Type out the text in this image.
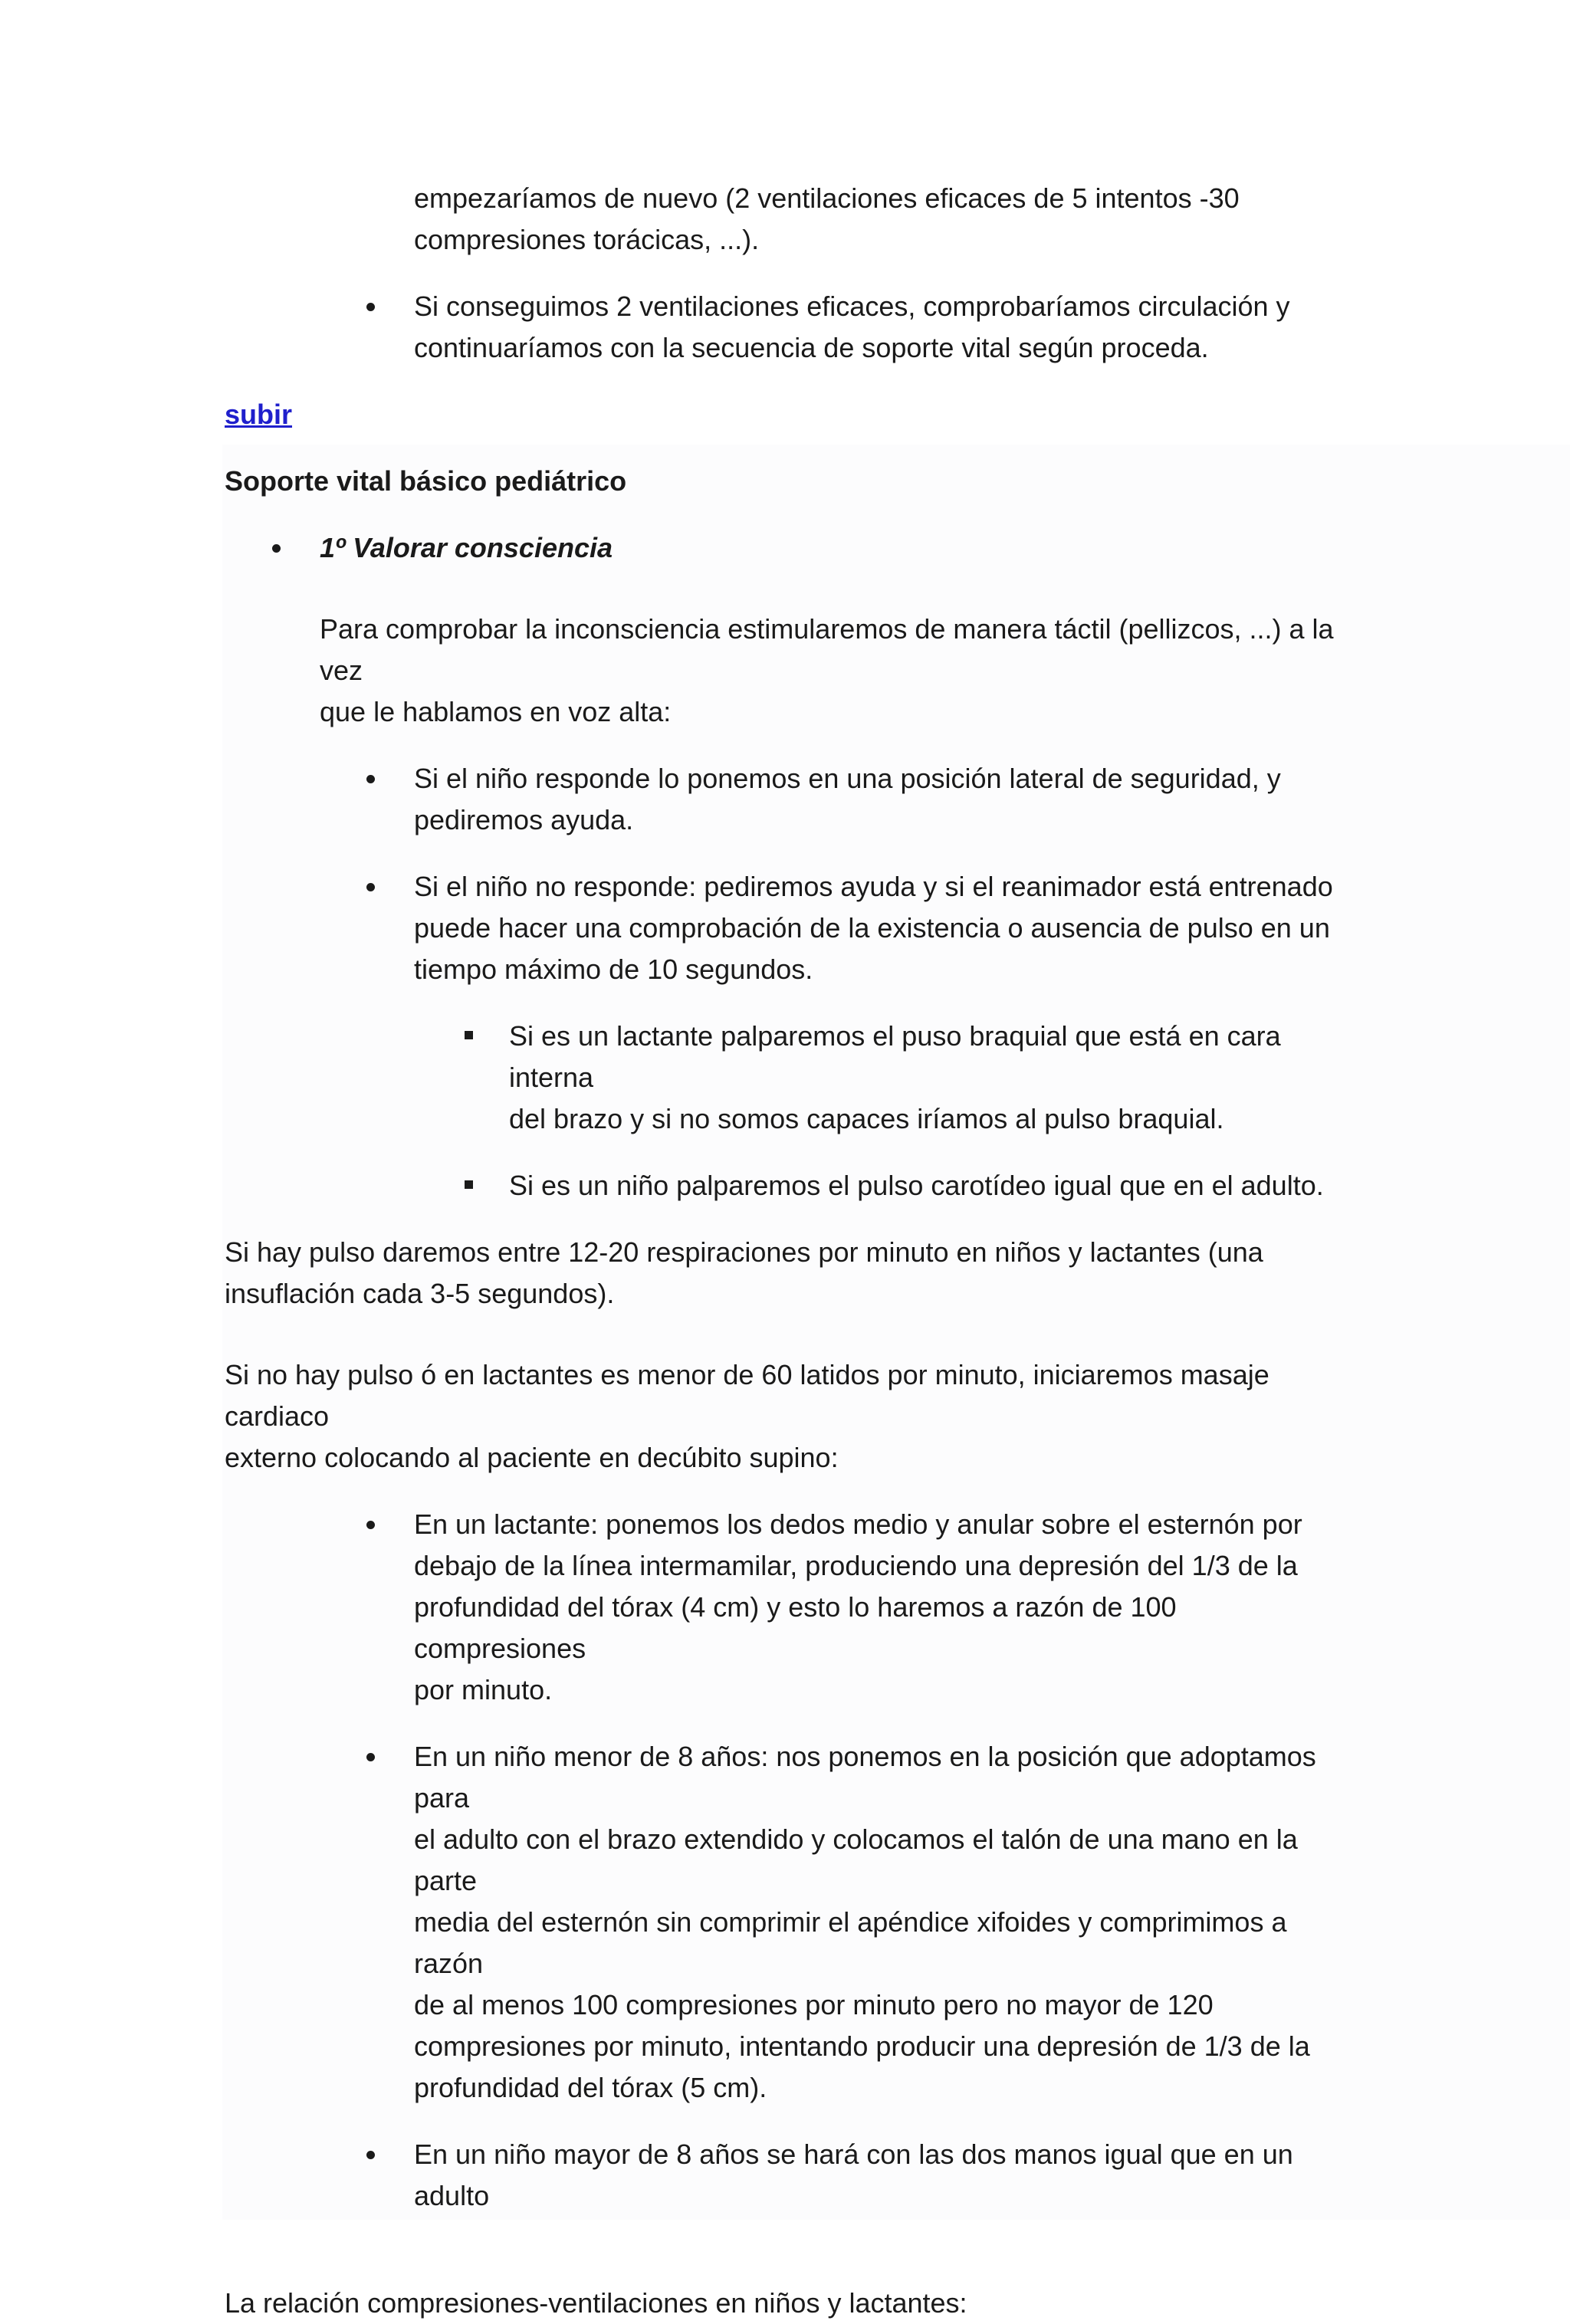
empezaríamos de nuevo (2 ventilaciones eficaces de 5 intentos -30

compresiones torácicas, ...).

Si conseguimos 2 ventilaciones eficaces, comprobaríamos circulación y

continuaríamos con la secuencia de soporte vital según proceda.

subir

Soporte vital básico pediátrico

1º Valorar consciencia

Para comprobar la inconsciencia estimularemos de manera táctil (pellizcos, ...) a la vez

que le hablamos en voz alta:

Si el niño responde lo ponemos en una posición lateral de seguridad, y

pediremos ayuda.

Si el niño no responde: pediremos ayuda y si el reanimador está entrenado

puede hacer una comprobación de la existencia o ausencia de pulso en un

tiempo máximo de 10 segundos.

Si es un lactante palparemos el puso braquial que está en cara interna

del brazo y si no somos capaces iríamos al pulso braquial.

Si es un niño palparemos el pulso carotídeo igual que en el adulto.

Si hay pulso daremos entre 12-20 respiraciones por minuto en niños y lactantes (una

insuflación cada 3-5 segundos).

Si no hay pulso ó en lactantes es menor de 60 latidos por minuto, iniciaremos masaje cardiaco

externo colocando al paciente en decúbito supino:

En un lactante: ponemos los dedos medio y anular sobre el esternón por

debajo de la línea intermamilar, produciendo una depresión del 1/3 de la

profundidad del tórax (4 cm) y esto lo haremos a razón de 100 compresiones

por minuto.

En un niño menor de 8 años: nos ponemos en la posición que adoptamos para

el adulto con el brazo extendido y colocamos el talón de una mano en la parte

media del esternón sin comprimir el apéndice xifoides y comprimimos a razón

de al menos 100 compresiones por minuto pero no mayor de 120

compresiones por minuto, intentando producir una depresión de 1/3 de la

profundidad del tórax (5 cm).

En un niño mayor de 8 años se hará con las dos manos igual que en un adulto

La relación compresiones-ventilaciones en niños y lactantes:
